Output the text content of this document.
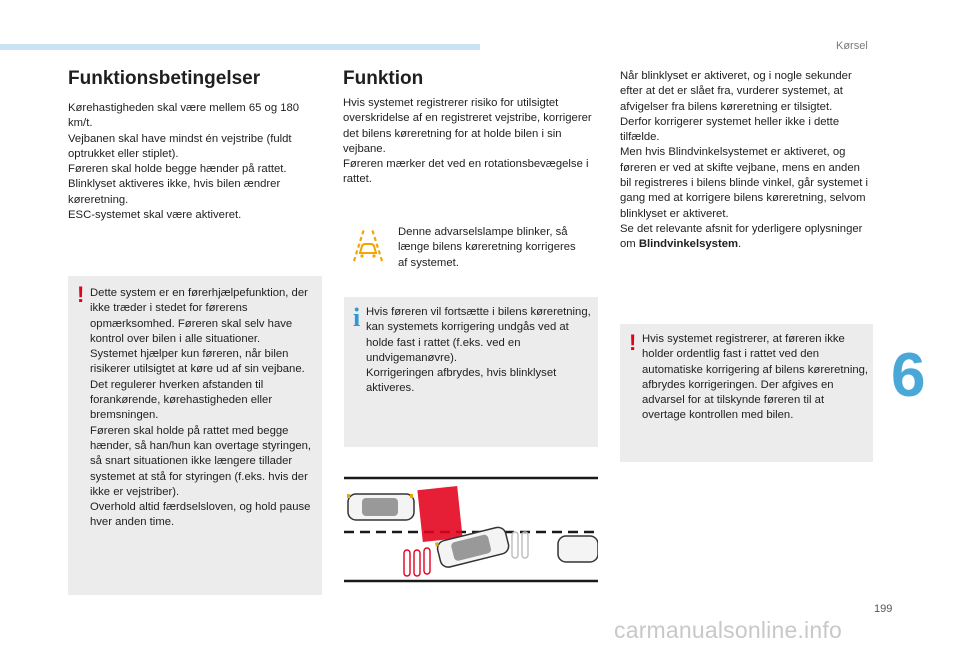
Kørsel
6
199
carmanualsonline.info
Funktionsbetingelser

Kørehastigheden skal være mellem 65 og 180 km/t.

Vejbanen skal have mindst én vejstribe (fuldt optrukket eller stiplet).

Føreren skal holde begge hænder på rattet.

Blinklyset aktiveres ikke, hvis bilen ændrer køreretning.

ESC-systemet skal være aktiveret.

! Dette system er en førerhjælpefunktion, der ikke træder i stedet for førerens opmærksomhed. Føreren skal selv have kontrol over bilen i alle situationer.

Systemet hjælper kun føreren, når bilen risikerer utilsigtet at køre ud af sin vejbane. Det regulerer hverken afstanden til forankørende, kørehastigheden eller bremsningen.

Føreren skal holde på rattet med begge hænder, så han/hun kan overtage styringen, så snart situationen ikke længere tillader systemet at stå for styringen (f.eks. hvis der ikke er vejstriber).

Overhold altid færdselsloven, og hold pause hver anden time.

Funktion

Hvis systemet registrerer risiko for utilsigtet overskridelse af en registreret vejstribe, korrigerer det bilens køreretning for at holde bilen i sin vejbane.

Føreren mærker det ved en rotationsbevægelse i rattet.

Denne advarselslampe blinker, så længe bilens køreretning korrigeres af systemet.
i Hvis føreren vil fortsætte i bilens køreretning, kan systemets korrigering undgås ved at holde fast i rattet (f.eks. ved en undvigemanøvre).

Korrigeringen afbrydes, hvis blinklyset aktiveres.

Når blinklyset er aktiveret, og i nogle sekunder efter at det er slået fra, vurderer systemet, at afvigelser fra bilens køreretning er tilsigtet.

Derfor korrigerer systemet heller ikke i dette tilfælde.

Men hvis Blindvinkelsystemet er aktiveret, og føreren er ved at skifte vejbane, mens en anden bil registreres i bilens blinde vinkel, går systemet i gang med at korrigere bilens køreretning, selvom blinklyset er aktiveret.

Se det relevante afsnit for yderligere oplysninger om Blindvinkelsystem.

! Hvis systemet registrerer, at føreren ikke holder ordentlig fast i rattet ved den automatiske korrigering af bilens køreretning, afbrydes korrigeringen. Der afgives en advarsel for at tilskynde føreren til at overtage kontrollen med bilen.
